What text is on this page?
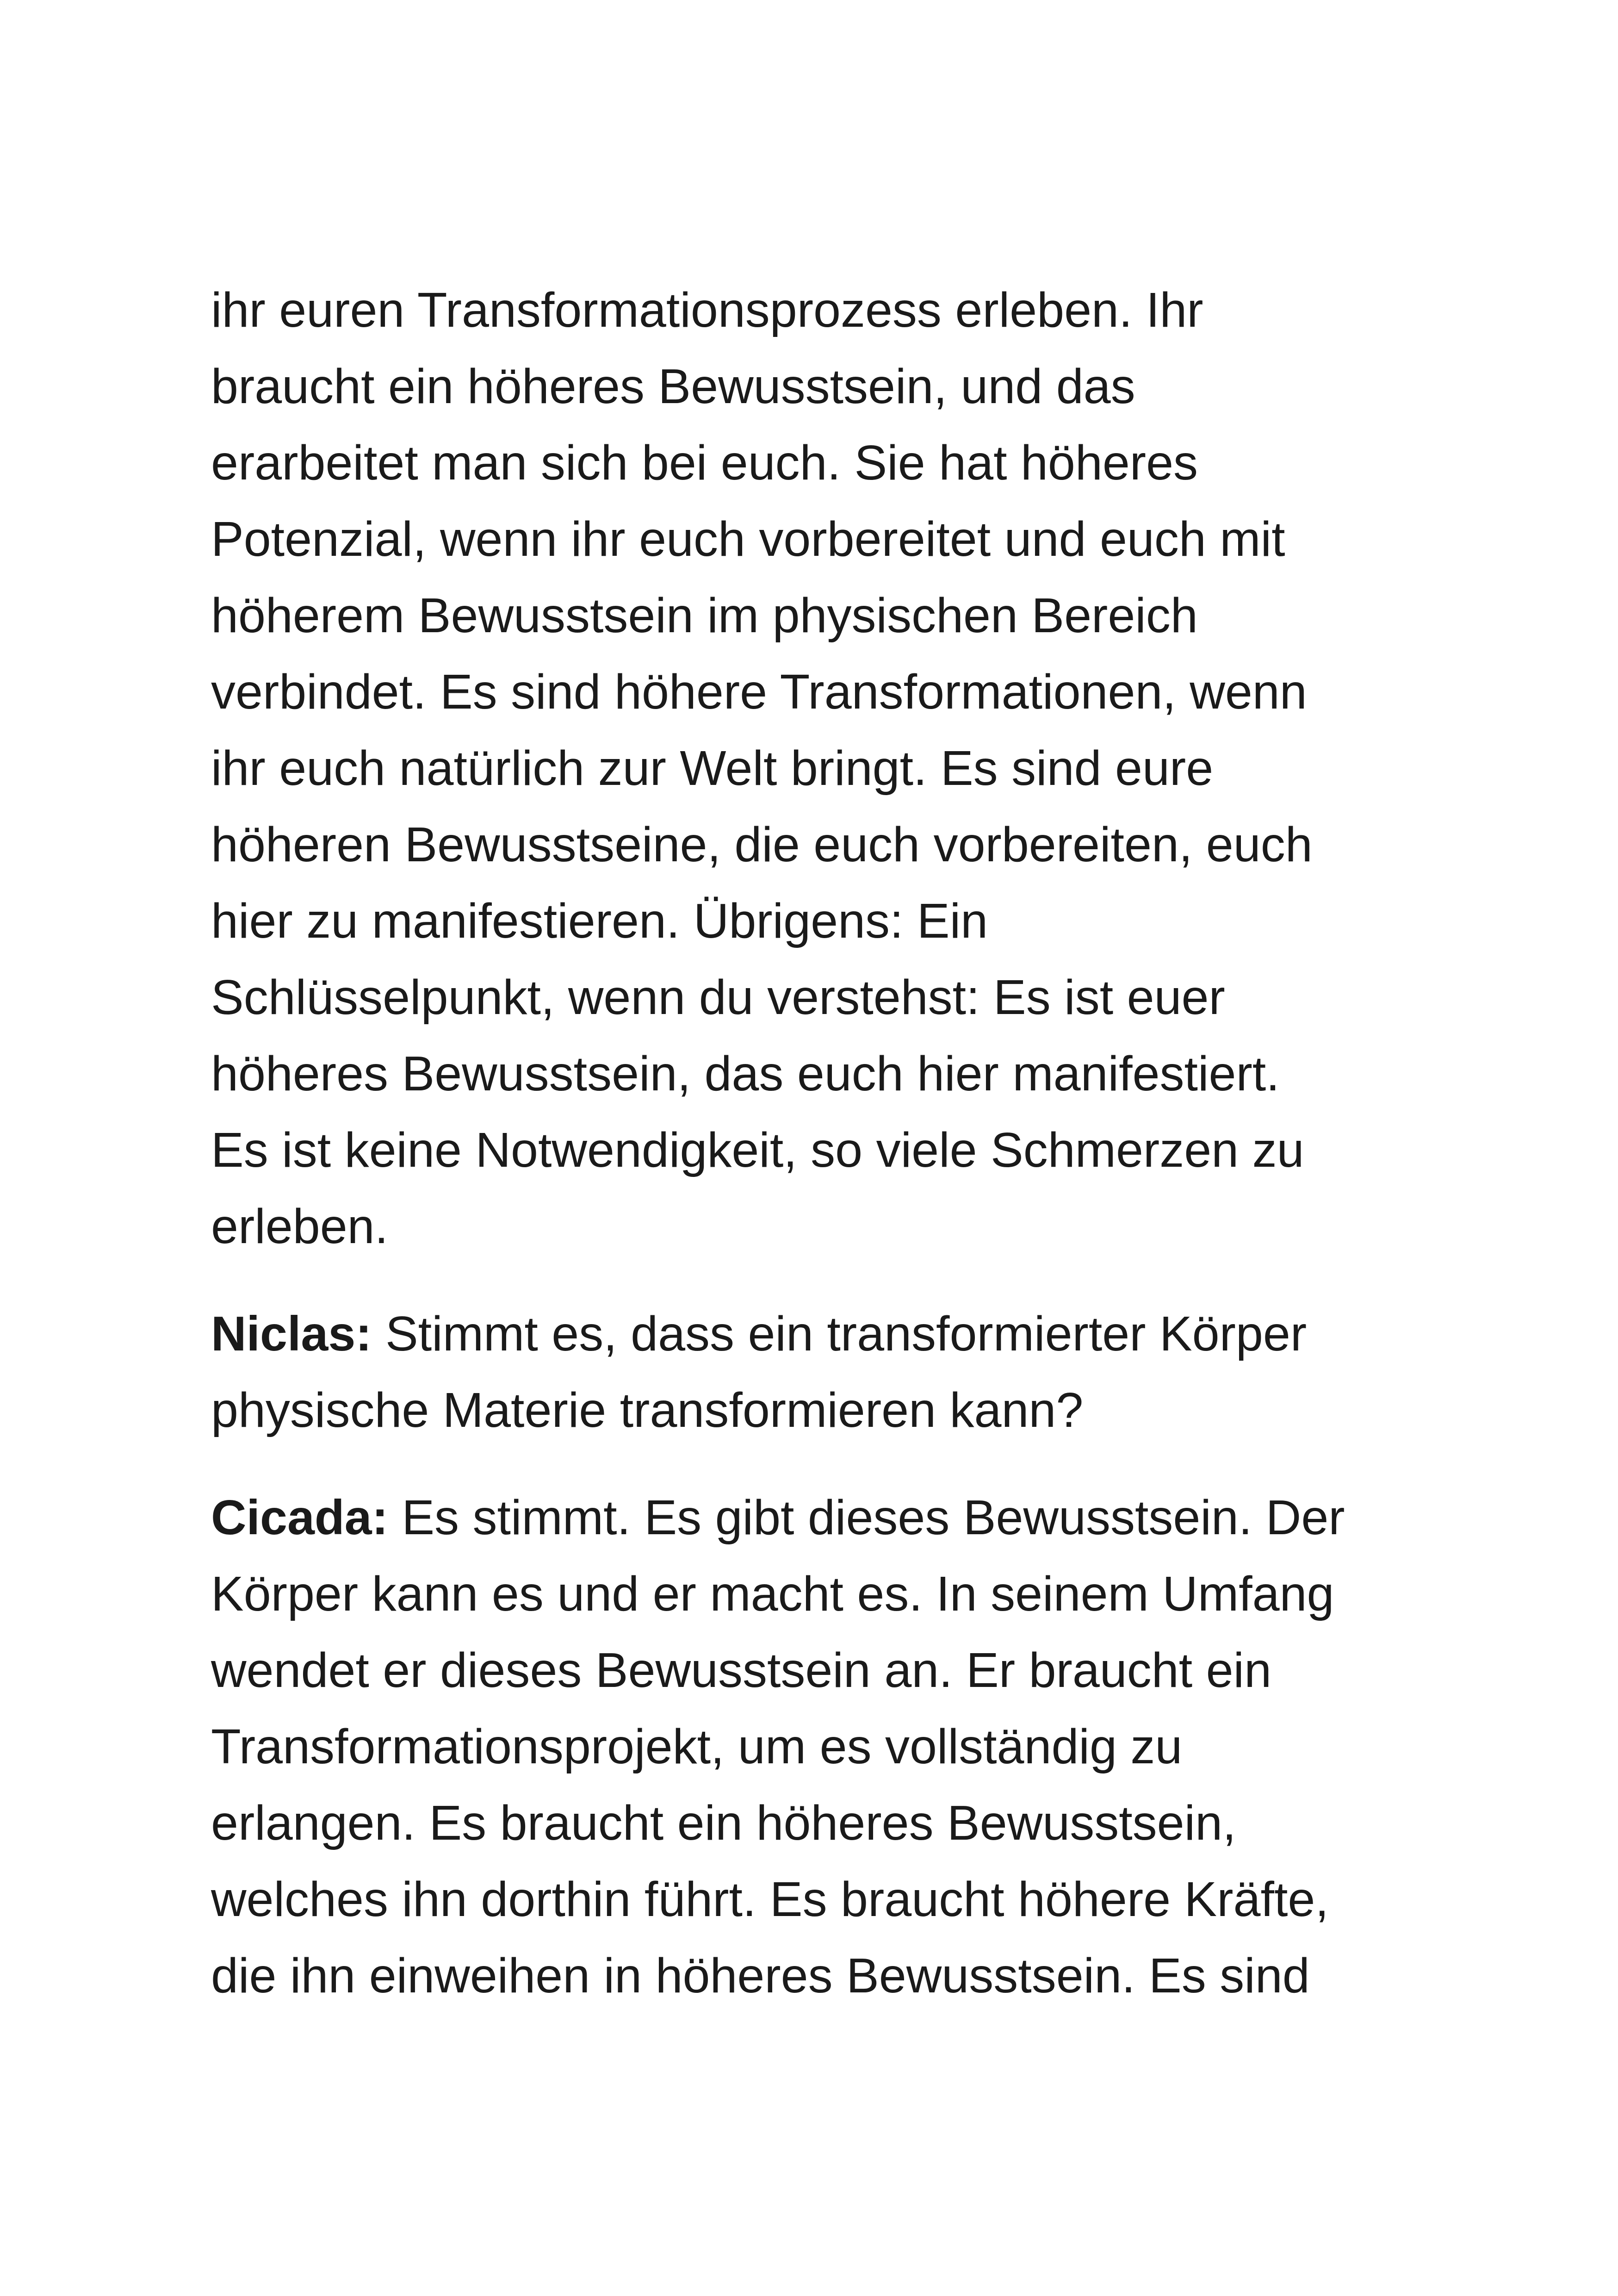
ihr euren Transformationsprozess erleben. Ihr
braucht ein höheres Bewusstsein, und das
erarbeitet man sich bei euch. Sie hat höheres
Potenzial, wenn ihr euch vorbereitet und euch mit
höherem Bewusstsein im physischen Bereich
verbindet. Es sind höhere Transformationen, wenn
ihr euch natürlich zur Welt bringt. Es sind eure
höheren Bewusstseine, die euch vorbereiten, euch
hier zu manifestieren. Übrigens: Ein
Schlüsselpunkt, wenn du verstehst: Es ist euer
höheres Bewusstsein, das euch hier manifestiert.
Es ist keine Notwendigkeit, so viele Schmerzen zu
erleben.

Niclas: Stimmt es, dass ein transformierter Körper
physische Materie transformieren kann?

Cicada: Es stimmt. Es gibt dieses Bewusstsein. Der
Körper kann es und er macht es. In seinem Umfang
wendet er dieses Bewusstsein an. Er braucht ein
Transformationsprojekt, um es vollständig zu
erlangen. Es braucht ein höheres Bewusstsein,
welches ihn dorthin führt. Es braucht höhere Kräfte,
die ihn einweihen in höheres Bewusstsein. Es sind
